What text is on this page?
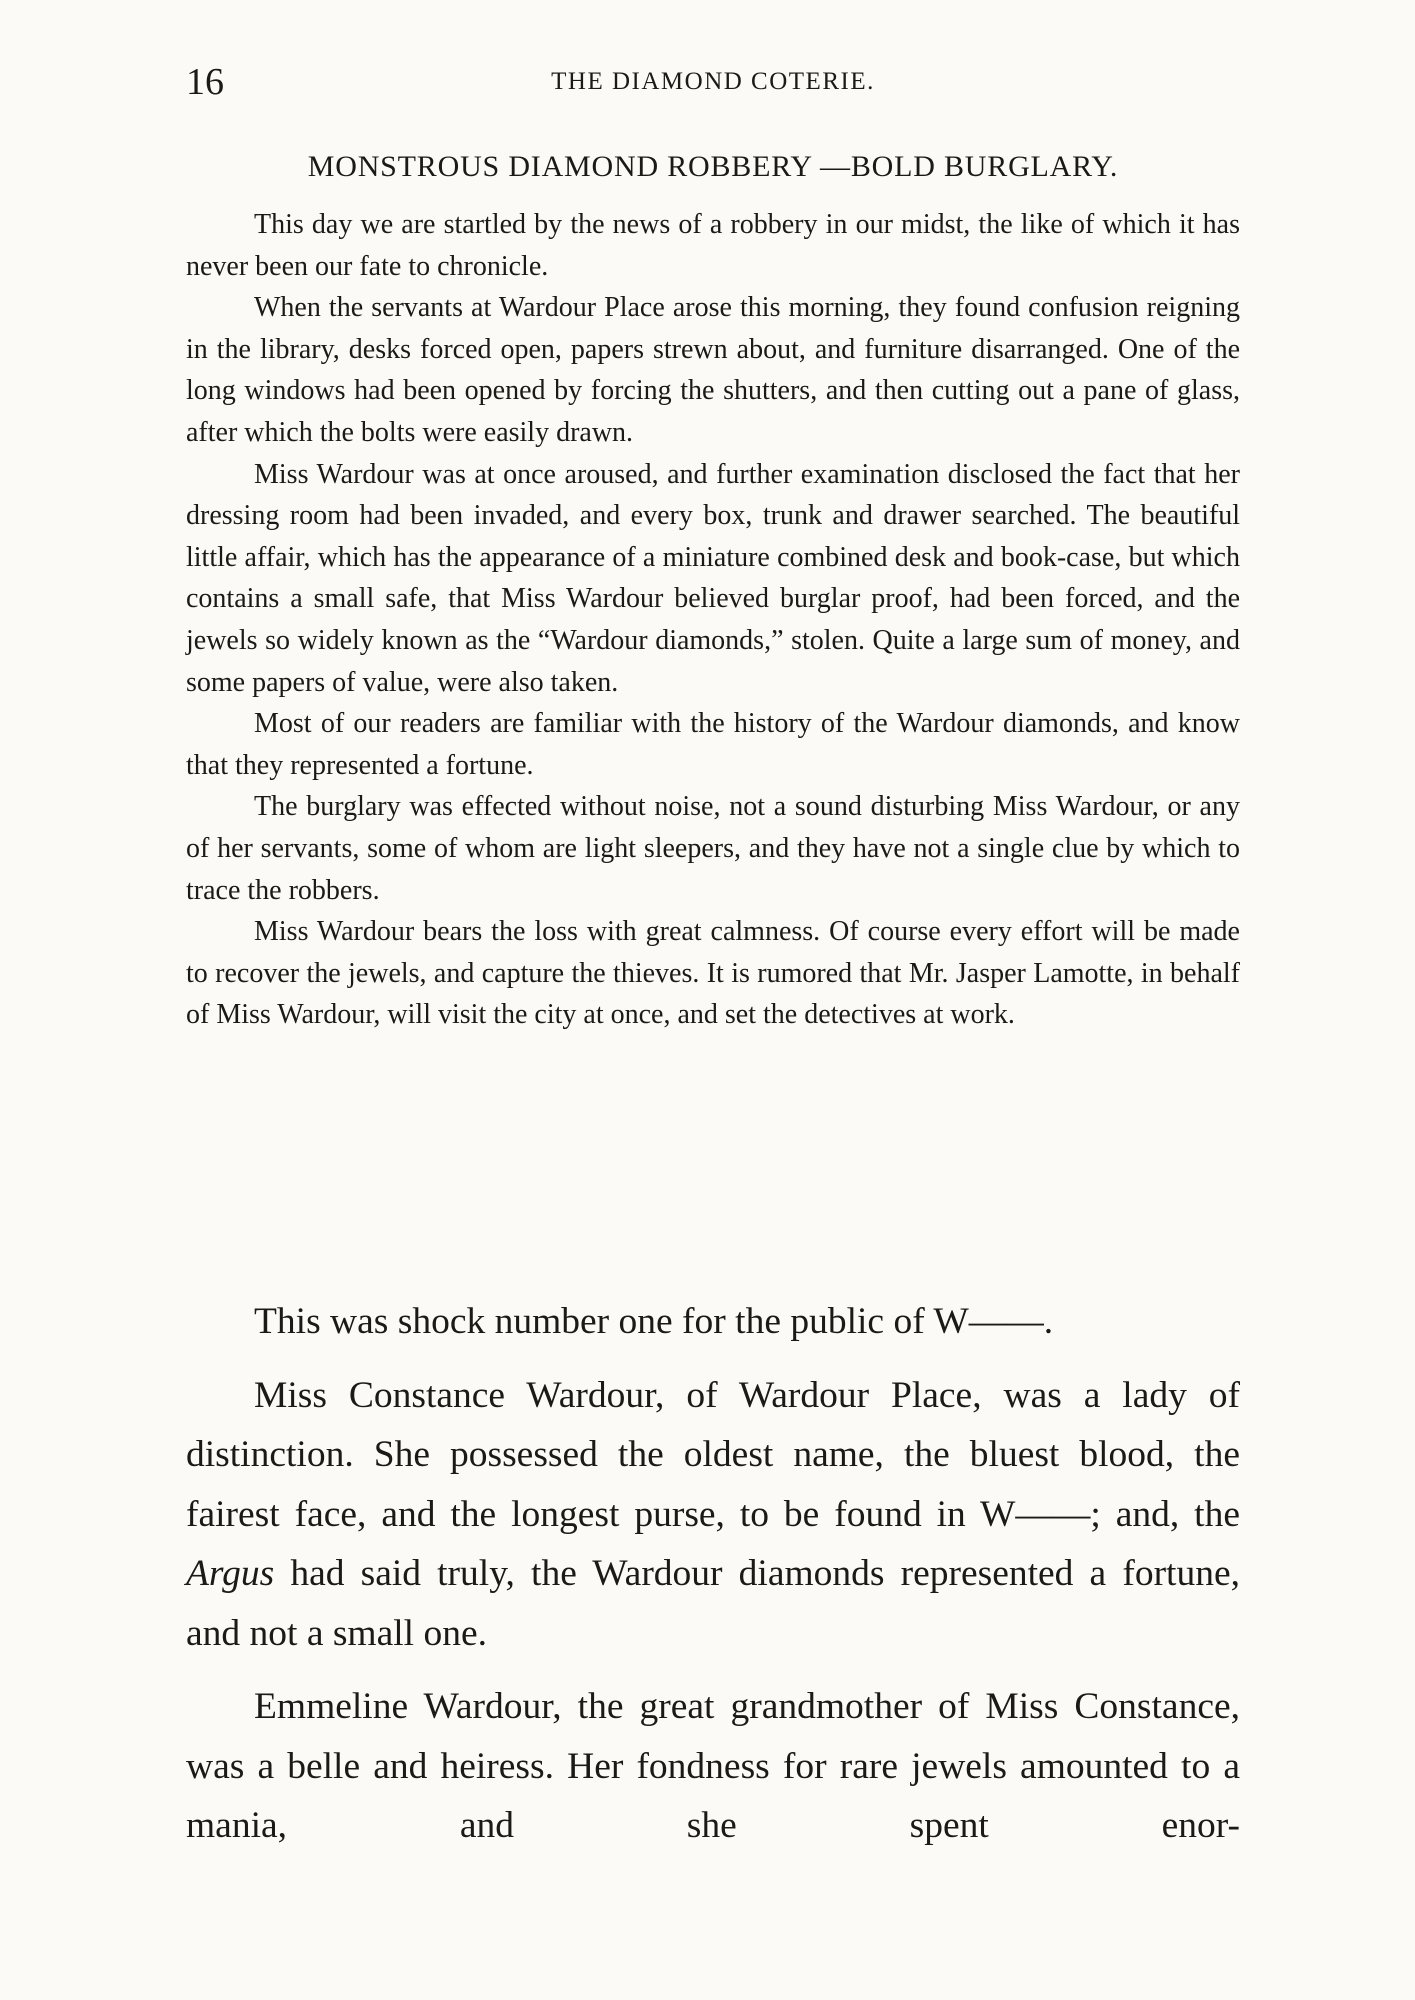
16	THE DIAMOND COTERIE.
MONSTROUS DIAMOND ROBBERY —BOLD BURGLARY.

This day we are startled by the news of a robbery in our midst, the like of which it has never been our fate to chronicle.

When the servants at Wardour Place arose this morning, they found confusion reigning in the library, desks forced open, papers strewn about, and furniture disarranged. One of the long windows had been opened by forcing the shutters, and then cutting out a pane of glass, after which the bolts were easily drawn.

Miss Wardour was at once aroused, and further examination disclosed the fact that her dressing room had been invaded, and every box, trunk and drawer searched. The beautiful little affair, which has the appearance of a miniature combined desk and book-case, but which contains a small safe, that Miss Wardour believed burglar proof, had been forced, and the jewels so widely known as the “Wardour diamonds,” stolen. Quite a large sum of money, and some papers of value, were also taken.

Most of our readers are familiar with the history of the Wardour diamonds, and know that they represented a fortune.

The burglary was effected without noise, not a sound disturbing Miss Wardour, or any of her servants, some of whom are light sleepers, and they have not a single clue by which to trace the robbers.

Miss Wardour bears the loss with great calmness. Of course every effort will be made to recover the jewels, and capture the thieves. It is rumored that Mr. Jasper Lamotte, in behalf of Miss Wardour, will visit the city at once, and set the detectives at work.

This was shock number one for the public of W——.

Miss Constance Wardour, of Wardour Place, was a lady of distinction. She possessed the oldest name, the bluest blood, the fairest face, and the longest purse, to be found in W——; and, the Argus had said truly, the Wardour diamonds represented a fortune, and not a small one.

Emmeline Wardour, the great grandmother of Miss Constance, was a belle and heiress. Her fondness for rare jewels amounted to a mania, and she spent enor-
